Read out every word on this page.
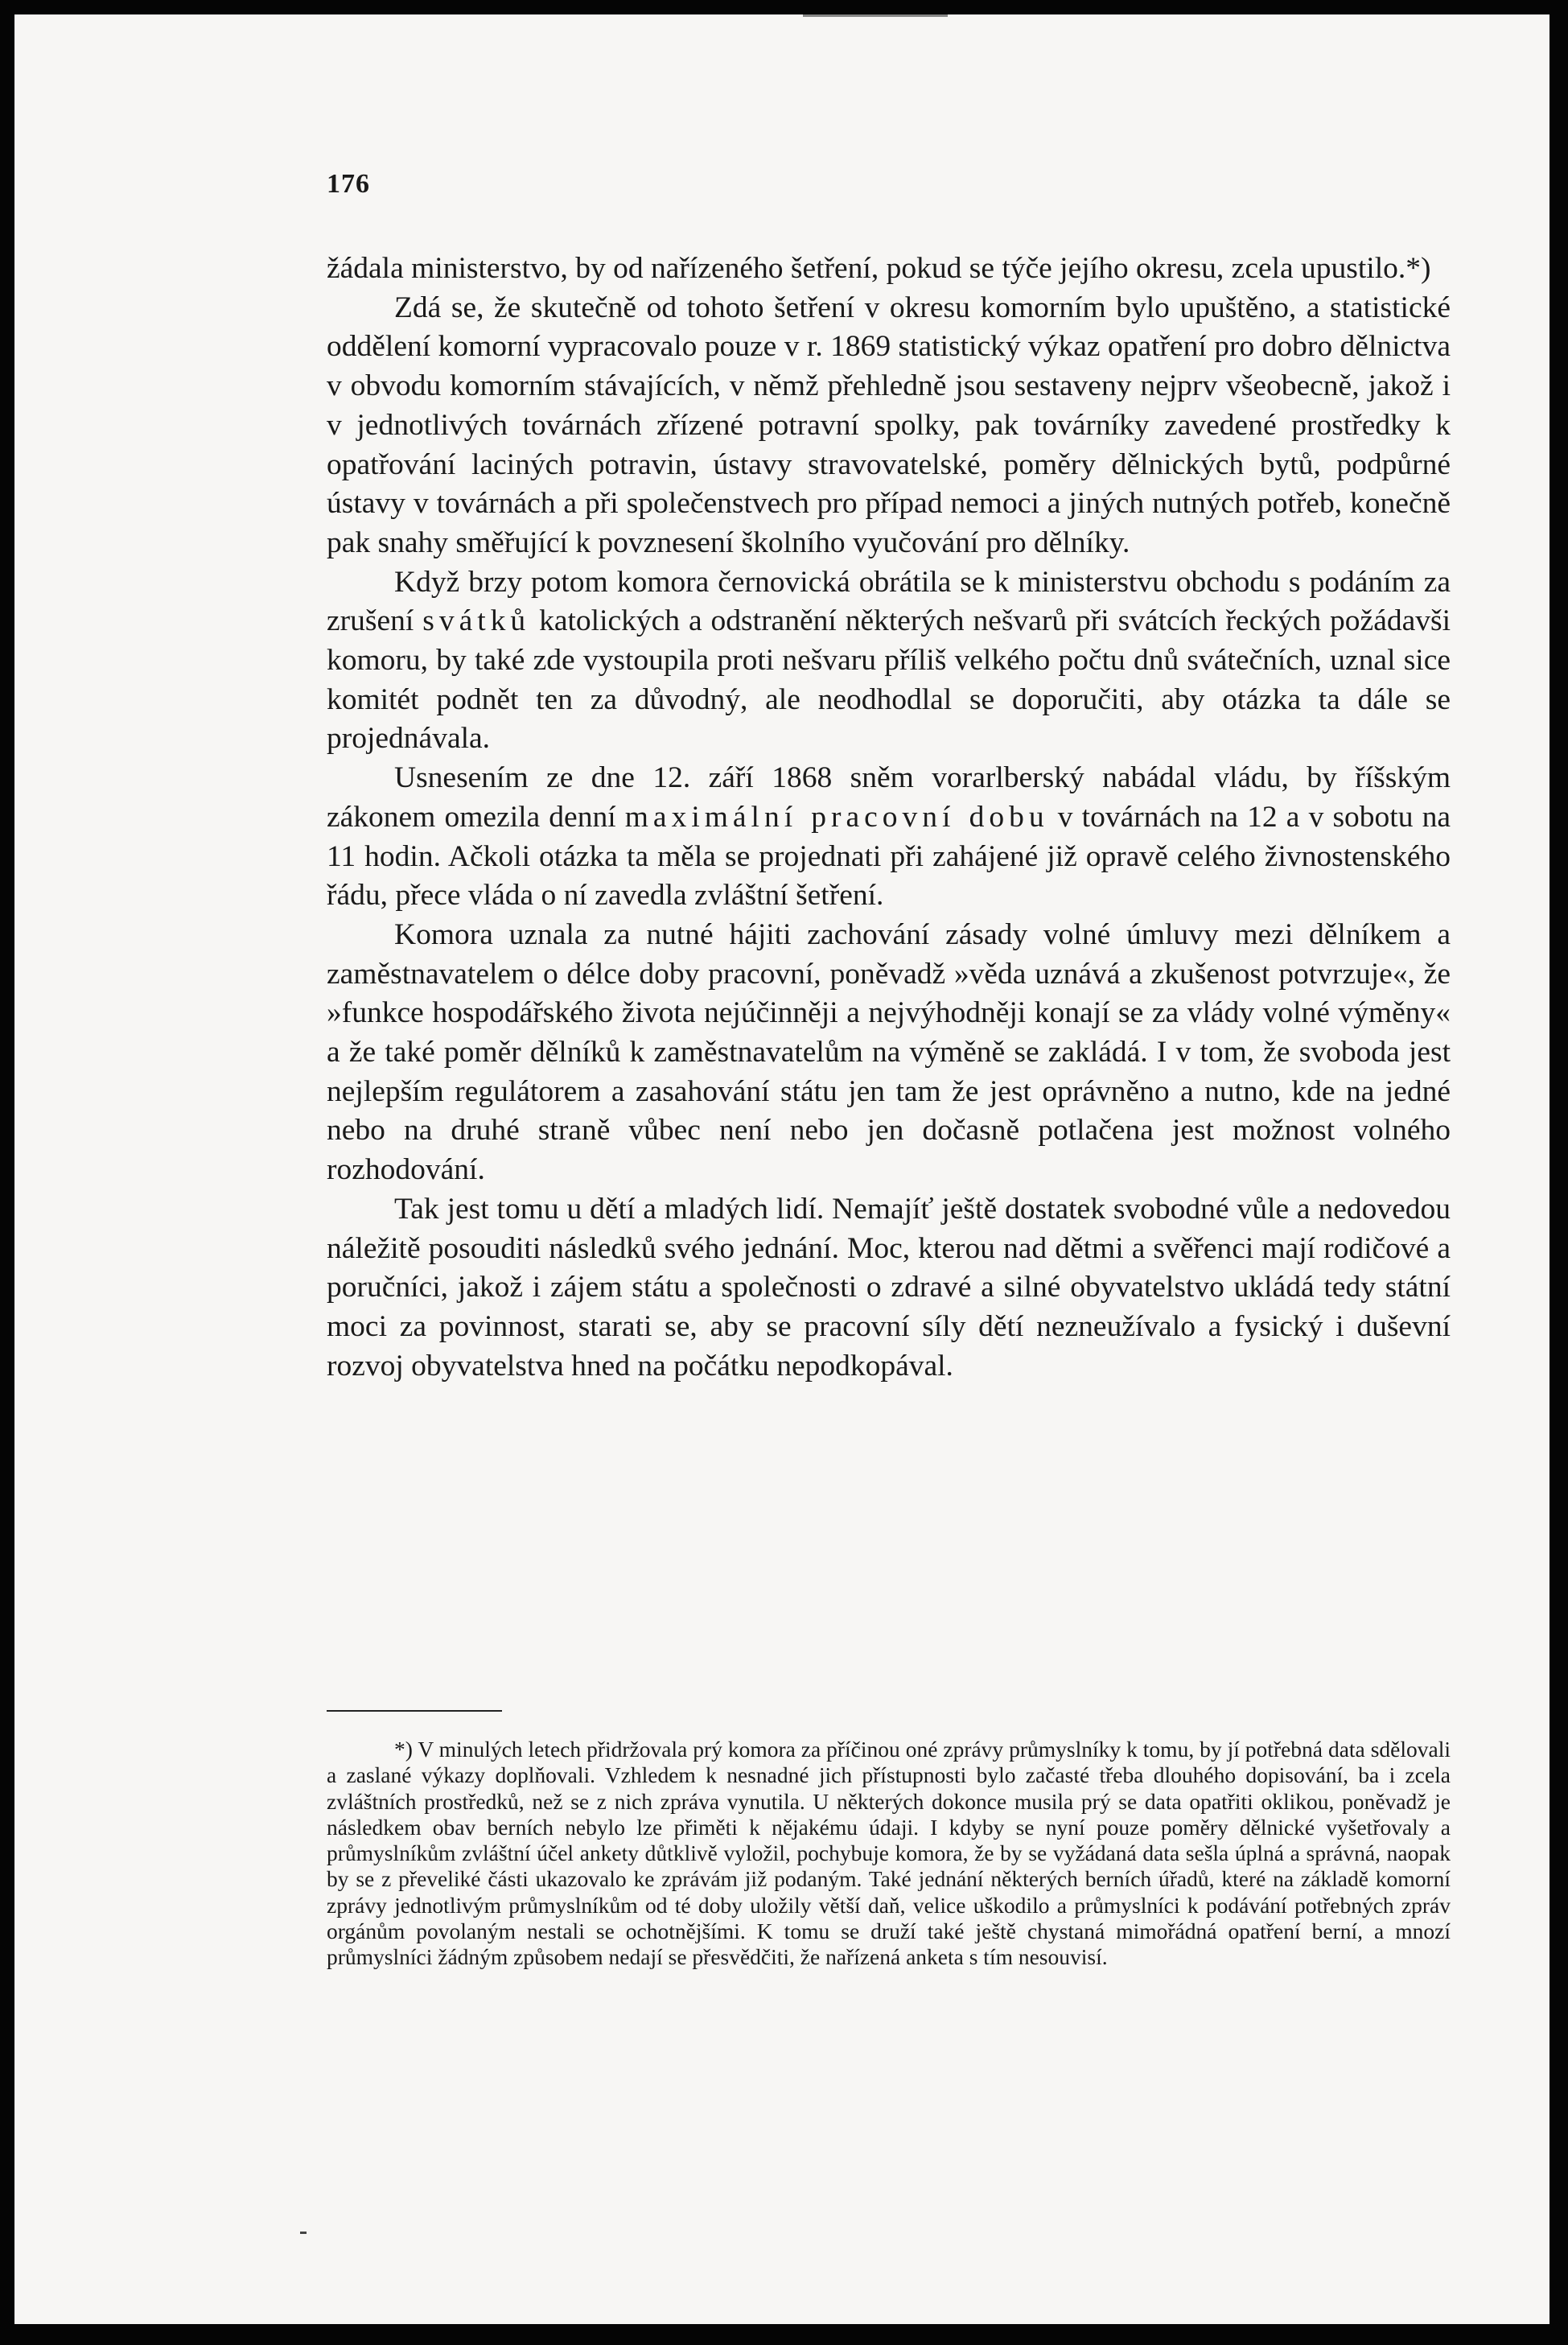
176

žádala ministerstvo, by od nařízeného šetření, pokud se týče jejího okresu, zcela upustilo.*)

Zdá se, že skutečně od tohoto šetření v okresu komorním bylo upuštěno, a statistické oddělení komorní vypracovalo pouze v r. 1869 statistický výkaz opatření pro dobro dělnictva v obvodu komorním stávajících, v němž přehledně jsou sestaveny nejprv všeobecně, jakož i v jednotlivých továrnách zřízené potravní spolky, pak továrníky zavedené prostředky k opatřování laciných potravin, ústavy stravovatelské, poměry dělnických bytů, podpůrné ústavy v továrnách a při společenstvech pro případ nemoci a jiných nutných potřeb, konečně pak snahy směřující k povznesení školního vyučování pro dělníky.

Když brzy potom komora černovická obrátila se k ministerstvu obchodu s podáním za zrušení svátků katolických a odstranění některých nešvarů při svátcích řeckých požádavši komoru, by také zde vystoupila proti nešvaru příliš velkého počtu dnů svátečních, uznal sice komitét podnět ten za důvodný, ale neodhodlal se doporučiti, aby otázka ta dále se projednávala.

Usnesením ze dne 12. září 1868 sněm vorarlberský nabádal vládu, by říšským zákonem omezila denní maximální pracovní dobu v továrnách na 12 a v sobotu na 11 hodin. Ačkoli otázka ta měla se projednati při zahájené již opravě celého živnostenského řádu, přece vláda o ní zavedla zvláštní šetření.

Komora uznala za nutné hájiti zachování zásady volné úmluvy mezi dělníkem a zaměstnavatelem o délce doby pracovní, poněvadž »věda uznává a zkušenost potvrzuje«, že »funkce hospodářského života nejúčinněji a nejvýhodněji konají se za vlády volné výměny« a že také poměr dělníků k zaměstnavatelům na výměně se zakládá. I v tom, že svoboda jest nejlepším regulátorem a zasahování státu jen tam že jest oprávněno a nutno, kde na jedné nebo na druhé straně vůbec není nebo jen dočasně potlačena jest možnost volného rozhodování.

Tak jest tomu u dětí a mladých lidí. Nemajíť ještě dostatek svobodné vůle a nedovedou náležitě posouditi následků svého jednání. Moc, kterou nad dětmi a svěřenci mají rodičové a poručníci, jakož i zájem státu a společnosti o zdravé a silné obyvatelstvo ukládá tedy státní moci za povinnost, starati se, aby se pracovní síly dětí nezneužívalo a fysický i duševní rozvoj obyvatelstva hned na počátku nepodkopával.

*) V minulých letech přidržovala prý komora za příčinou oné zprávy průmyslníky k tomu, by jí potřebná data sdělovali a zaslané výkazy doplňovali. Vzhledem k nesnadné jich přístupnosti bylo začasté třeba dlouhého dopisování, ba i zcela zvláštních prostředků, než se z nich zpráva vynutila. U některých dokonce musila prý se data opatřiti oklikou, poněvadž je následkem obav berních nebylo lze přiměti k nějakému údaji. I kdyby se nyní pouze poměry dělnické vyšetřovaly a průmyslníkům zvláštní účel ankety důtklivě vyložil, pochybuje komora, že by se vyžádaná data sešla úplná a správná, naopak by se z převeliké části ukazovalo ke zprávám již podaným. Také jednání některých berních úřadů, které na základě komorní zprávy jednotlivým průmyslníkům od té doby uložily větší daň, velice uškodilo a průmyslníci k podávání potřebných zpráv orgánům povolaným nestali se ochotnějšími. K tomu se druží také ještě chystaná mimořádná opatření berní, a mnozí průmyslníci žádným způsobem nedají se přesvědčiti, že nařízená anketa s tím nesouvisí.
